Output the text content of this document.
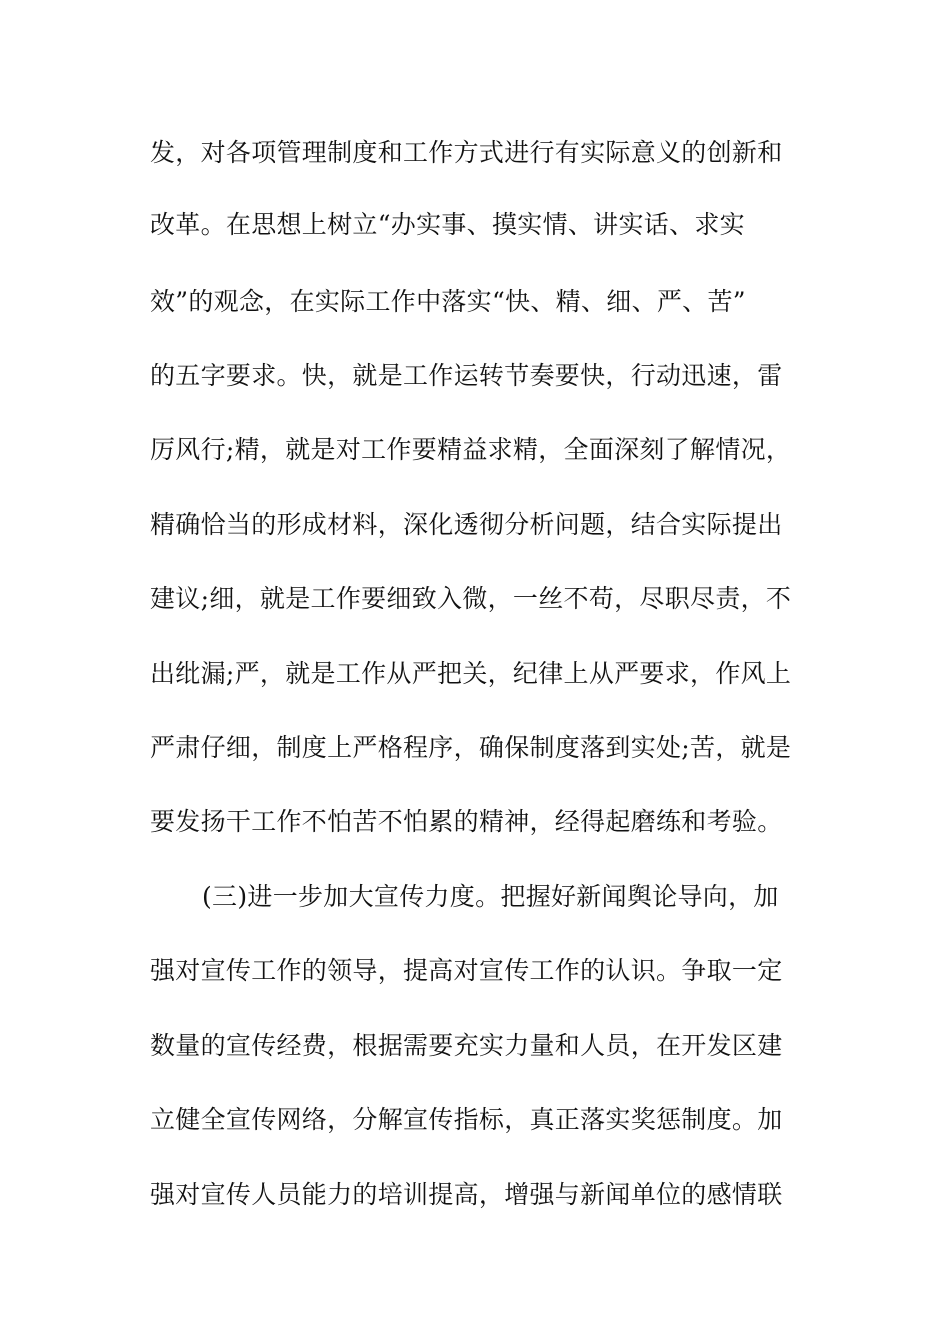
发，对各项管理制度和工作方式进行有实际意义的创新和

改革。在思想上树立“办实事、摸实情、讲实话、求实

效”的观念，在实际工作中落实“快、精、细、严、苦”

的五字要求。快，就是工作运转节奏要快，行动迅速，雷

厉风行;精，就是对工作要精益求精，全面深刻了解情况，

精确恰当的形成材料，深化透彻分析问题，结合实际提出

建议;细，就是工作要细致入微，一丝不苟，尽职尽责，不

出纰漏;严，就是工作从严把关，纪律上从严要求，作风上

严肃仔细，制度上严格程序，确保制度落到实处;苦，就是

要发扬干工作不怕苦不怕累的精神，经得起磨练和考验。

(三)进一步加大宣传力度。把握好新闻舆论导向，加

强对宣传工作的领导，提高对宣传工作的认识。争取一定

数量的宣传经费，根据需要充实力量和人员，在开发区建

立健全宣传网络，分解宣传指标，真正落实奖惩制度。加

强对宣传人员能力的培训提高，增强与新闻单位的感情联
